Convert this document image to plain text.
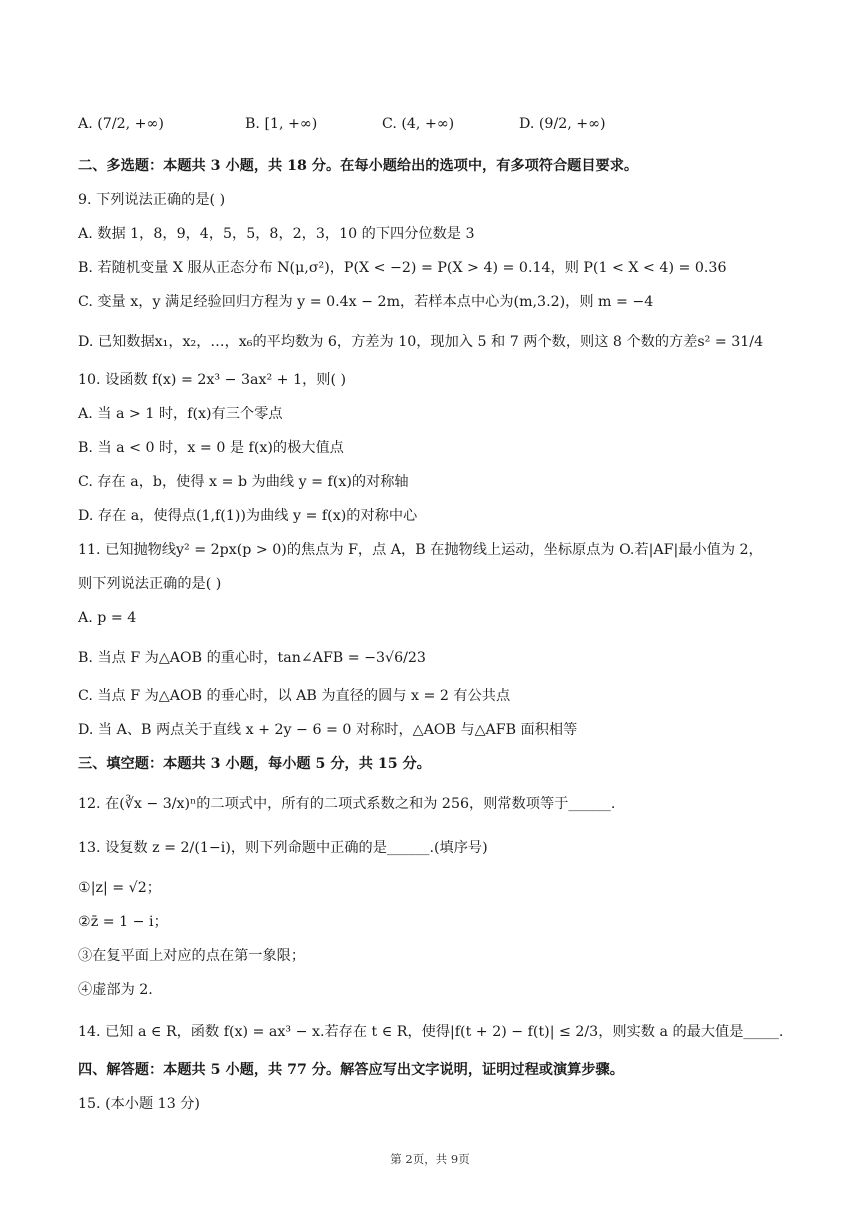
A. (7/2, +∞)	B. [1, +∞)	C. (4, +∞)	D. (9/2, +∞)
二、多选题：本题共 3 小题，共 18 分。在每小题给出的选项中，有多项符合题目要求。
9. 下列说法正确的是( )
A. 数据 1，8，9，4，5，5，8，2，3，10 的下四分位数是 3
B. 若随机变量 X 服从正态分布 N(μ,σ²)，P(X < −2) = P(X > 4) = 0.14，则 P(1 < X < 4) = 0.36
C. 变量 x，y 满足经验回归方程为 y = 0.4x − 2m，若样本点中心为(m,3.2)，则 m = −4
D. 已知数据x₁，x₂，…，x₆的平均数为 6，方差为 10，现加入 5 和 7 两个数，则这 8 个数的方差s² = 31/4
10. 设函数 f(x) = 2x³ − 3ax² + 1，则( )
A. 当 a > 1 时，f(x)有三个零点
B. 当 a < 0 时，x = 0 是 f(x)的极大值点
C. 存在 a，b，使得 x = b 为曲线 y = f(x)的对称轴
D. 存在 a，使得点(1,f(1))为曲线 y = f(x)的对称中心
11. 已知抛物线y² = 2px(p > 0)的焦点为 F，点 A，B 在抛物线上运动，坐标原点为 O.若|AF|最小值为 2，
则下列说法正确的是( )
A. p = 4
B. 当点 F 为△AOB 的重心时，tan∠AFB = −3√6/23
C. 当点 F 为△AOB 的垂心时，以 AB 为直径的圆与 x = 2 有公共点
D. 当 A、B 两点关于直线 x + 2y − 6 = 0 对称时，△AOB 与△AFB 面积相等
三、填空题：本题共 3 小题，每小题 5 分，共 15 分。
12. 在(∛x − 3/x)ⁿ的二项式中，所有的二项式系数之和为 256，则常数项等于______.
13. 设复数 z = 2/(1−i)，则下列命题中正确的是______.(填序号)
①|z| = √2；
②z̄ = 1 − i；
③在复平面上对应的点在第一象限；
④虚部为 2.
14. 已知 a ∈ R，函数 f(x) = ax³ − x.若存在 t ∈ R，使得|f(t + 2) − f(t)| ≤ 2/3，则实数 a 的最大值是_____.
四、解答题：本题共 5 小题，共 77 分。解答应写出文字说明，证明过程或演算步骤。
15. (本小题 13 分)
第 2页，共 9页
